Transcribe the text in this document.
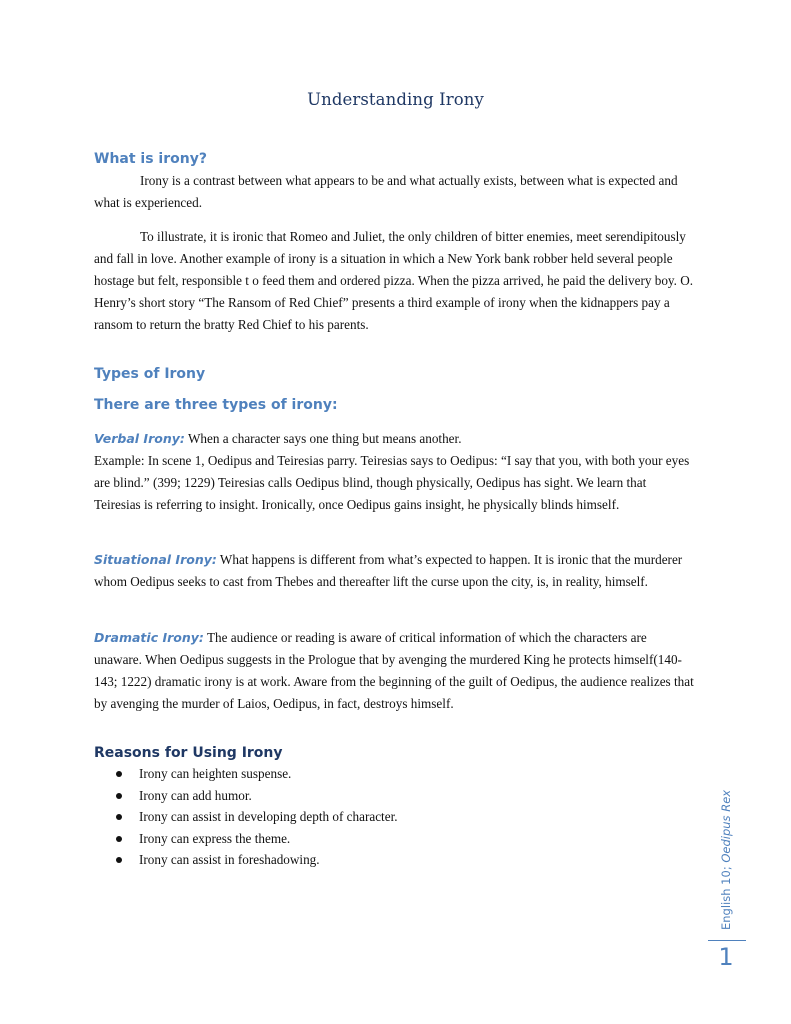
Understanding Irony
What is irony?

Irony is a contrast between what appears to be and what actually exists, between what is expected and what is experienced.

To illustrate, it is ironic that Romeo and Juliet, the only children of bitter enemies, meet serendipitously and fall in love. Another example of irony is a situation in which a New York bank robber held several people hostage but felt, responsible t o feed them and ordered pizza. When the pizza arrived, he paid the delivery boy. O. Henry’s short story “The Ransom of Red Chief” presents a third example of irony when the kidnappers pay a ransom to return the bratty Red Chief to his parents.

Types of Irony
There are three types of irony:
Verbal Irony: When a character says one thing but means another.
Example: In scene 1, Oedipus and Teiresias parry. Teiresias says to Oedipus: “I say that you, with both your eyes are blind.” (399; 1229) Teiresias calls Oedipus blind, though physically, Oedipus has sight. We learn that Teiresias is referring to insight. Ironically, once Oedipus gains insight, he physically blinds himself.
Situational Irony: What happens is different from what’s expected to happen. It is ironic that the murderer whom Oedipus seeks to cast from Thebes and thereafter lift the curse upon the city, is, in reality, himself.
Dramatic Irony: The audience or reading is aware of critical information of which the characters are unaware. When Oedipus suggests in the Prologue that by avenging the murdered King he protects himself(140-143; 1222) dramatic irony is at work. Aware from the beginning of the guilt of Oedipus, the audience realizes that by avenging the murder of Laios, Oedipus, in fact, destroys himself.
Reasons for Using Irony
Irony can heighten suspense.
Irony can add humor.
Irony can assist in developing depth of character.
Irony can express the theme.
Irony can assist in foreshadowing.
English 10; Oedipus Rex
1
